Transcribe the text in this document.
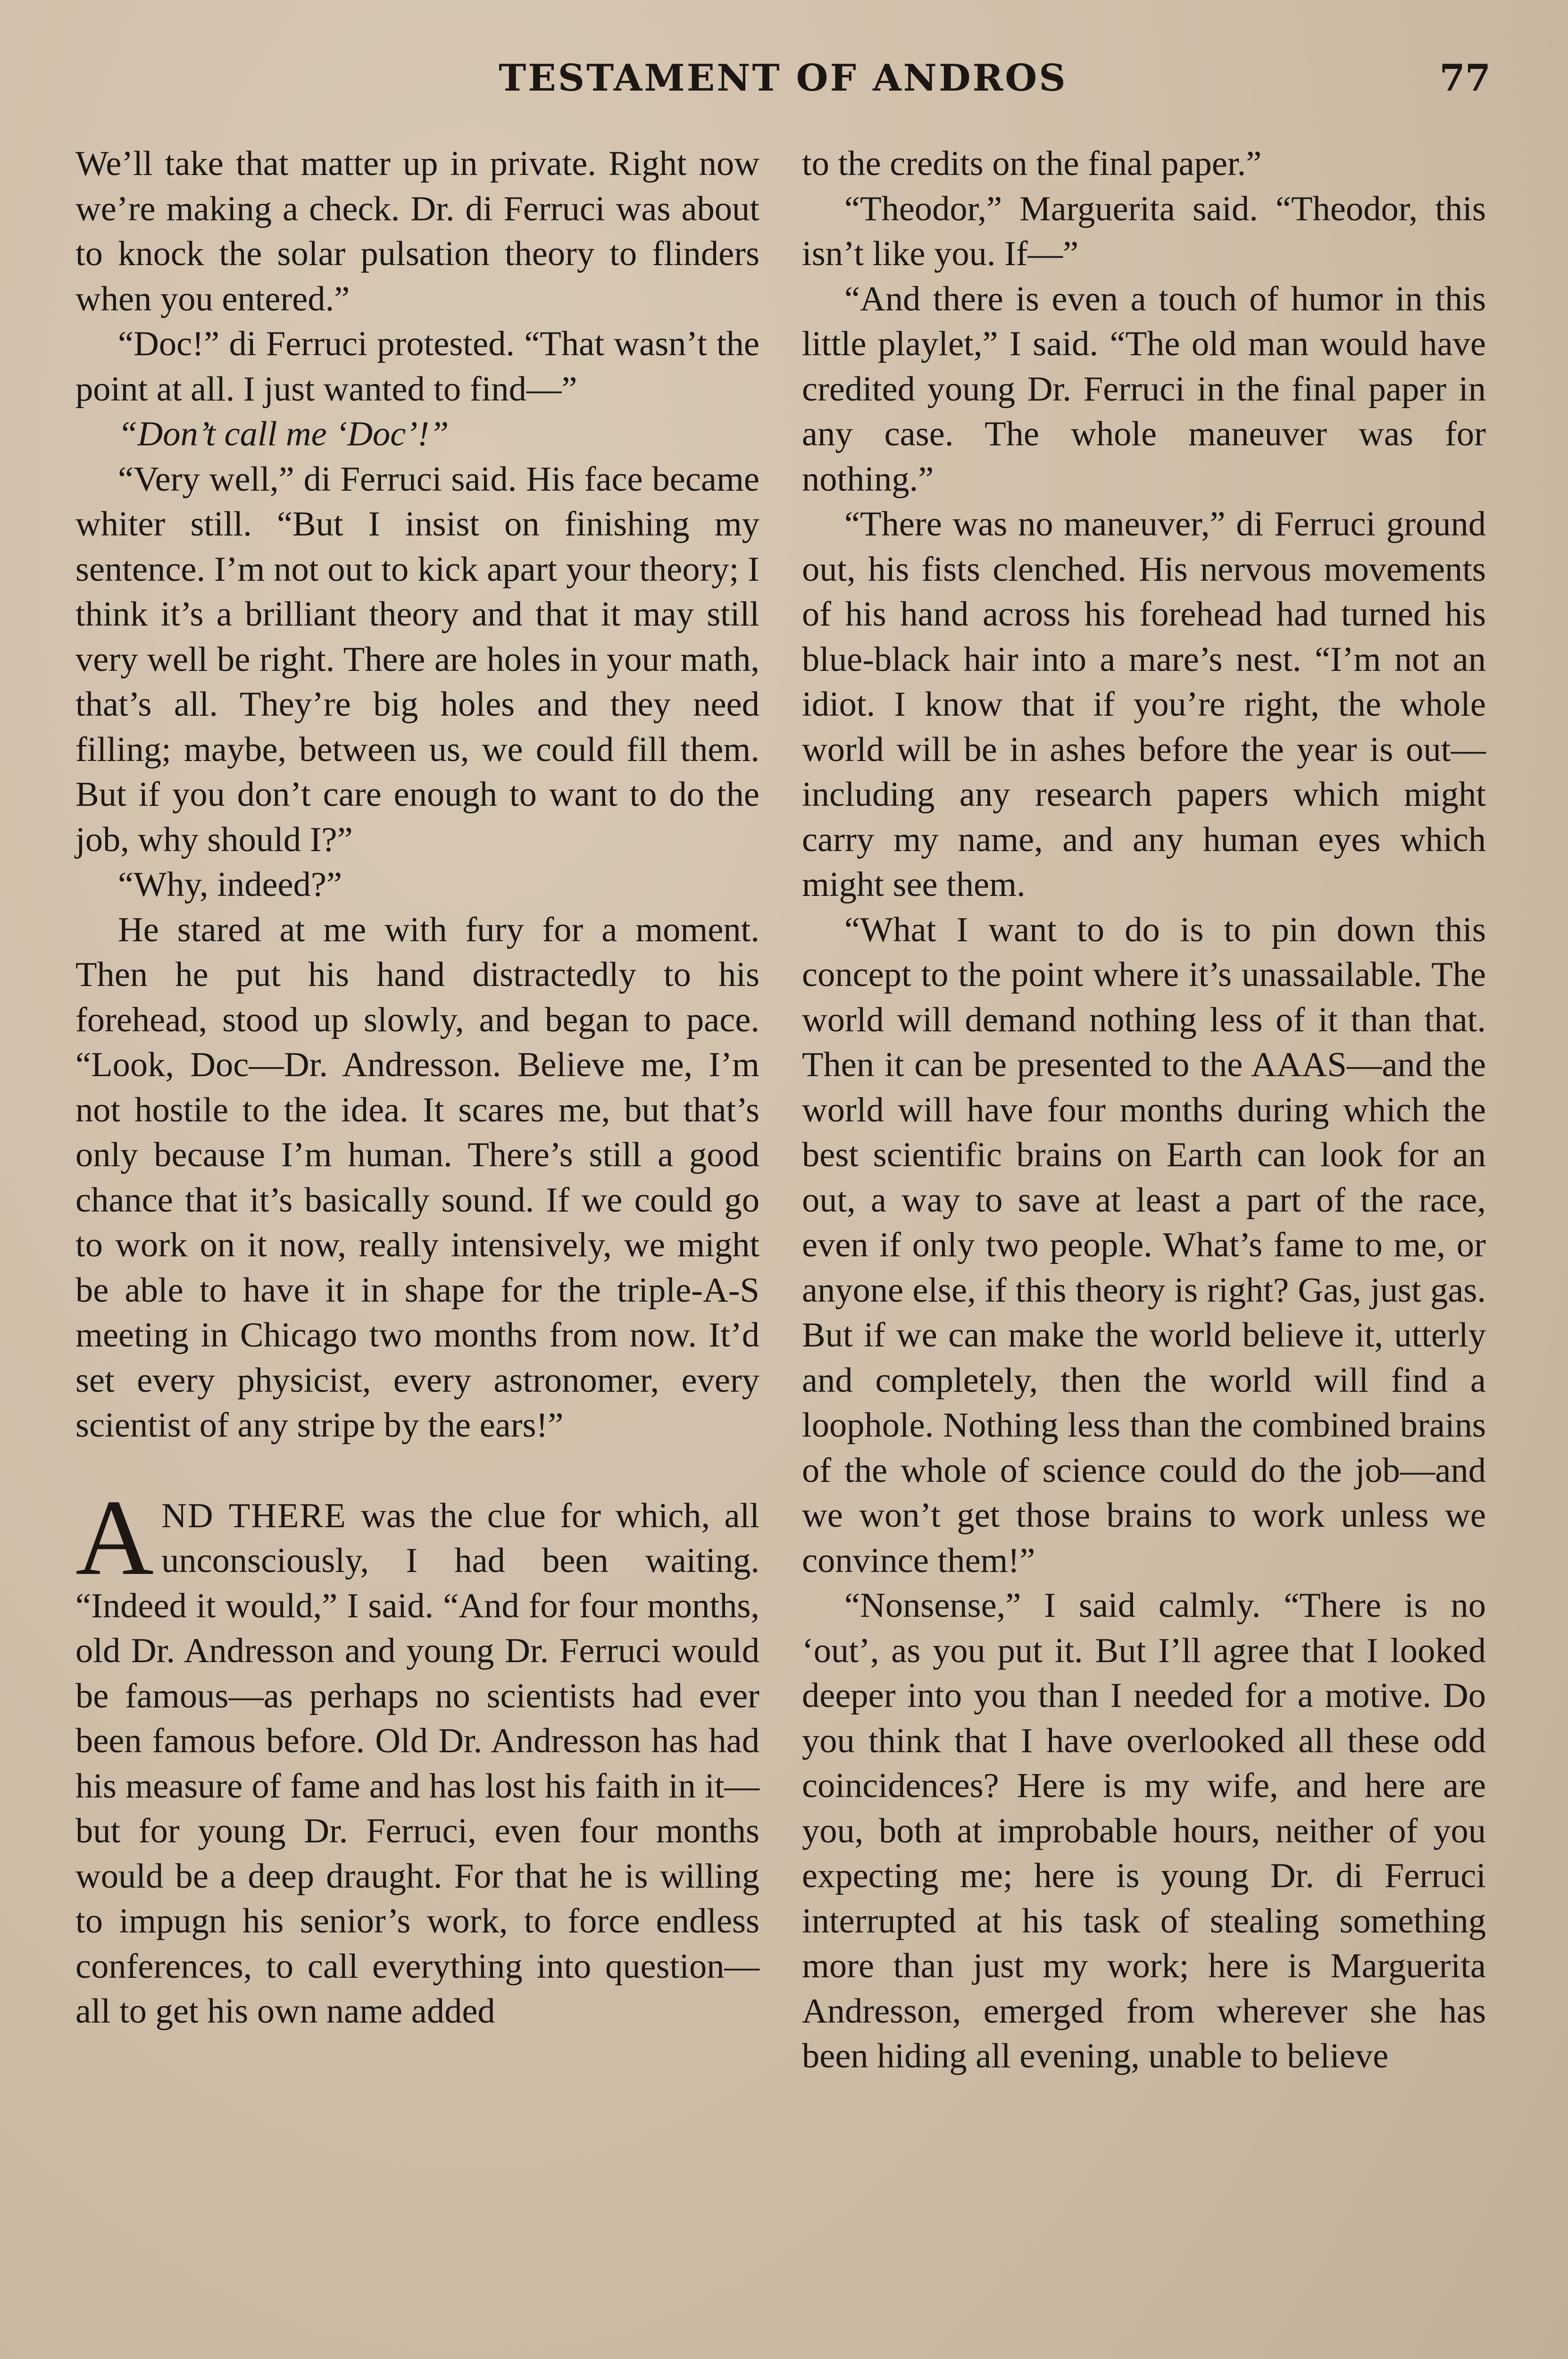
TESTAMENT OF ANDROS	77

We’ll take that matter up in private. Right now we’re making a check. Dr. di Ferruci was about to knock the solar pulsation theory to flinders when you entered.”

“Doc!” di Ferruci protested. “That wasn’t the point at all. I just wanted to find—”

“Don’t call me ‘Doc’!”

“Very well,” di Ferruci said. His face became whiter still. “But I insist on finishing my sentence. I’m not out to kick apart your theory; I think it’s a brilliant theory and that it may still very well be right. There are holes in your math, that’s all. They’re big holes and they need filling; maybe, between us, we could fill them. But if you don’t care enough to want to do the job, why should I?”

“Why, indeed?”

He stared at me with fury for a moment. Then he put his hand distractedly to his forehead, stood up slowly, and began to pace. “Look, Doc—Dr. Andresson. Believe me, I’m not hostile to the idea. It scares me, but that’s only because I’m human. There’s still a good chance that it’s basically sound. If we could go to work on it now, really intensively, we might be able to have it in shape for the triple-A-S meeting in Chicago two months from now. It’d set every physicist, every astronomer, every scientist of any stripe by the ears!”

AND THERE was the clue for which, all unconsciously, I had been waiting. “Indeed it would,” I said. “And for four months, old Dr. Andresson and young Dr. Ferruci would be famous—as perhaps no scientists had ever been famous before. Old Dr. Andresson has had his measure of fame and has lost his faith in it—but for young Dr. Ferruci, even four months would be a deep draught. For that he is willing to impugn his senior’s work, to force endless conferences, to call everything into question—all to get his own name added

to the credits on the final paper.”

“Theodor,” Marguerita said. “Theodor, this isn’t like you. If—”

“And there is even a touch of humor in this little playlet,” I said. “The old man would have credited young Dr. Ferruci in the final paper in any case. The whole maneuver was for nothing.”

“There was no maneuver,” di Ferruci ground out, his fists clenched. His nervous movements of his hand across his forehead had turned his blue-black hair into a mare’s nest. “I’m not an idiot. I know that if you’re right, the whole world will be in ashes before the year is out—including any research papers which might carry my name, and any human eyes which might see them.

“What I want to do is to pin down this concept to the point where it’s unassailable. The world will demand nothing less of it than that. Then it can be presented to the AAAS—and the world will have four months during which the best scientific brains on Earth can look for an out, a way to save at least a part of the race, even if only two people. What’s fame to me, or anyone else, if this theory is right? Gas, just gas. But if we can make the world believe it, utterly and completely, then the world will find a loophole. Nothing less than the combined brains of the whole of science could do the job—and we won’t get those brains to work unless we convince them!”

“Nonsense,” I said calmly. “There is no ‘out’, as you put it. But I’ll agree that I looked deeper into you than I needed for a motive. Do you think that I have overlooked all these odd coincidences? Here is my wife, and here are you, both at improbable hours, neither of you expecting me; here is young Dr. di Ferruci interrupted at his task of stealing something more than just my work; here is Marguerita Andresson, emerged from wherever she has been hiding all evening, unable to believe
